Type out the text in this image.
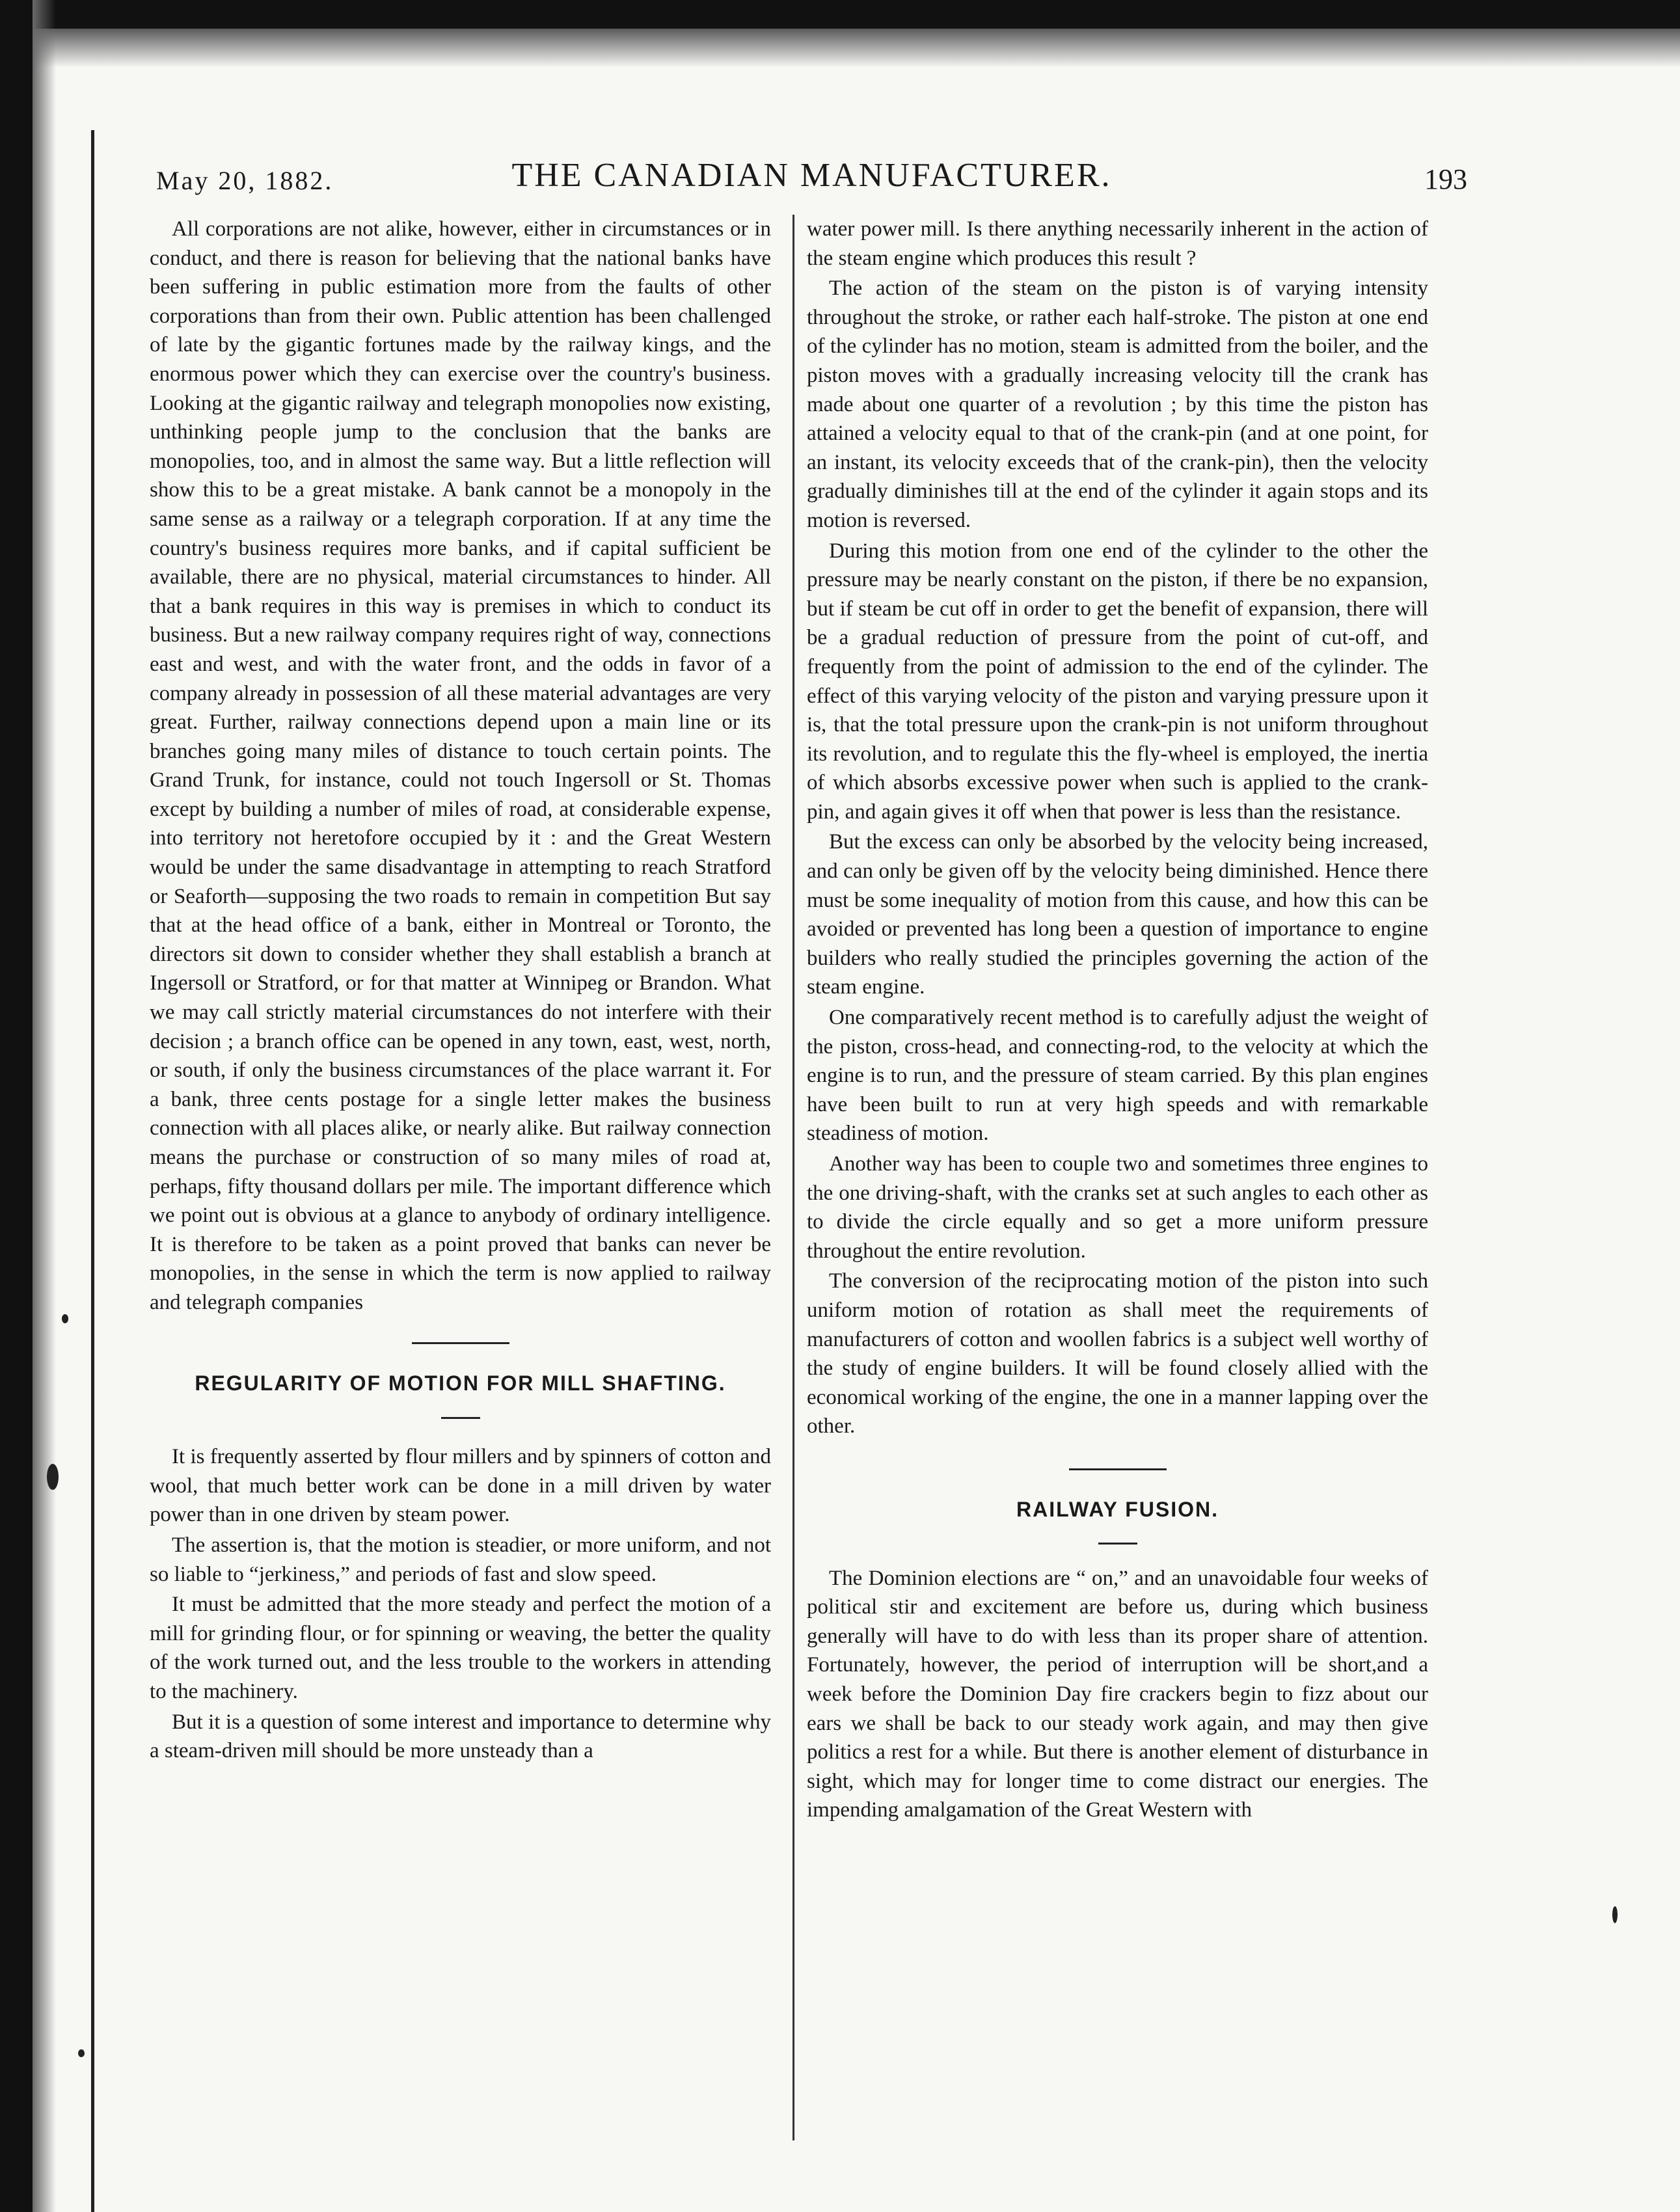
May 20, 1882.	THE CANADIAN MANUFACTURER.	193

All corporations are not alike, however, either in circumstances or in conduct, and there is reason for believing that the national banks have been suffering in public estimation more from the faults of other corporations than from their own. Public attention has been challenged of late by the gigantic fortunes made by the railway kings, and the enormous power which they can exercise over the country's business. Looking at the gigantic railway and telegraph monopolies now existing, unthinking people jump to the conclusion that the banks are monopolies, too, and in almost the same way. But a little reflection will show this to be a great mistake. A bank cannot be a monopoly in the same sense as a railway or a telegraph corporation. If at any time the country's business requires more banks, and if capital sufficient be available, there are no physical, material circumstances to hinder. All that a bank requires in this way is premises in which to conduct its business. But a new railway company requires right of way, connections east and west, and with the water front, and the odds in favor of a company already in possession of all these material advantages are very great. Further, railway connections depend upon a main line or its branches going many miles of distance to touch certain points. The Grand Trunk, for instance, could not touch Ingersoll or St. Thomas except by building a number of miles of road, at considerable expense, into territory not heretofore occupied by it : and the Great Western would be under the same disadvantage in attempting to reach Stratford or Seaforth—supposing the two roads to remain in competition But say that at the head office of a bank, either in Montreal or Toronto, the directors sit down to consider whether they shall establish a branch at Ingersoll or Stratford, or for that matter at Winnipeg or Brandon. What we may call strictly material circumstances do not interfere with their decision ; a branch office can be opened in any town, east, west, north, or south, if only the business circumstances of the place warrant it. For a bank, three cents postage for a single letter makes the business connection with all places alike, or nearly alike. But railway connection means the purchase or construction of so many miles of road at, perhaps, fifty thousand dollars per mile. The important difference which we point out is obvious at a glance to anybody of ordinary intelligence. It is therefore to be taken as a point proved that banks can never be monopolies, in the sense in which the term is now applied to railway and telegraph companies

REGULARITY OF MOTION FOR MILL SHAFTING.

It is frequently asserted by flour millers and by spinners of cotton and wool, that much better work can be done in a mill driven by water power than in one driven by steam power.

The assertion is, that the motion is steadier, or more uniform, and not so liable to “jerkiness,” and periods of fast and slow speed.

It must be admitted that the more steady and perfect the motion of a mill for grinding flour, or for spinning or weaving, the better the quality of the work turned out, and the less trouble to the workers in attending to the machinery.

But it is a question of some interest and importance to determine why a steam-driven mill should be more unsteady than a

water power mill. Is there anything necessarily inherent in the action of the steam engine which produces this result ?

The action of the steam on the piston is of varying intensity throughout the stroke, or rather each half-stroke. The piston at one end of the cylinder has no motion, steam is admitted from the boiler, and the piston moves with a gradually increasing velocity till the crank has made about one quarter of a revolution ; by this time the piston has attained a velocity equal to that of the crank-pin (and at one point, for an instant, its velocity exceeds that of the crank-pin), then the velocity gradually diminishes till at the end of the cylinder it again stops and its motion is reversed.

During this motion from one end of the cylinder to the other the pressure may be nearly constant on the piston, if there be no expansion, but if steam be cut off in order to get the benefit of expansion, there will be a gradual reduction of pressure from the point of cut-off, and frequently from the point of admission to the end of the cylinder. The effect of this varying velocity of the piston and varying pressure upon it is, that the total pressure upon the crank-pin is not uniform throughout its revolution, and to regulate this the fly-wheel is employed, the inertia of which absorbs excessive power when such is applied to the crank-pin, and again gives it off when that power is less than the resistance.

But the excess can only be absorbed by the velocity being increased, and can only be given off by the velocity being diminished. Hence there must be some inequality of motion from this cause, and how this can be avoided or prevented has long been a question of importance to engine builders who really studied the principles governing the action of the steam engine.

One comparatively recent method is to carefully adjust the weight of the piston, cross-head, and connecting-rod, to the velocity at which the engine is to run, and the pressure of steam carried. By this plan engines have been built to run at very high speeds and with remarkable steadiness of motion.

Another way has been to couple two and sometimes three engines to the one driving-shaft, with the cranks set at such angles to each other as to divide the circle equally and so get a more uniform pressure throughout the entire revolution.

The conversion of the reciprocating motion of the piston into such uniform motion of rotation as shall meet the requirements of manufacturers of cotton and woollen fabrics is a subject well worthy of the study of engine builders. It will be found closely allied with the economical working of the engine, the one in a manner lapping over the other.

RAILWAY FUSION.

The Dominion elections are “ on,” and an unavoidable four weeks of political stir and excitement are before us, during which business generally will have to do with less than its proper share of attention. Fortunately, however, the period of interruption will be short,and a week before the Dominion Day fire crackers begin to fizz about our ears we shall be back to our steady work again, and may then give politics a rest for a while. But there is another element of disturbance in sight, which may for longer time to come distract our energies. The impending amalgamation of the Great Western with
